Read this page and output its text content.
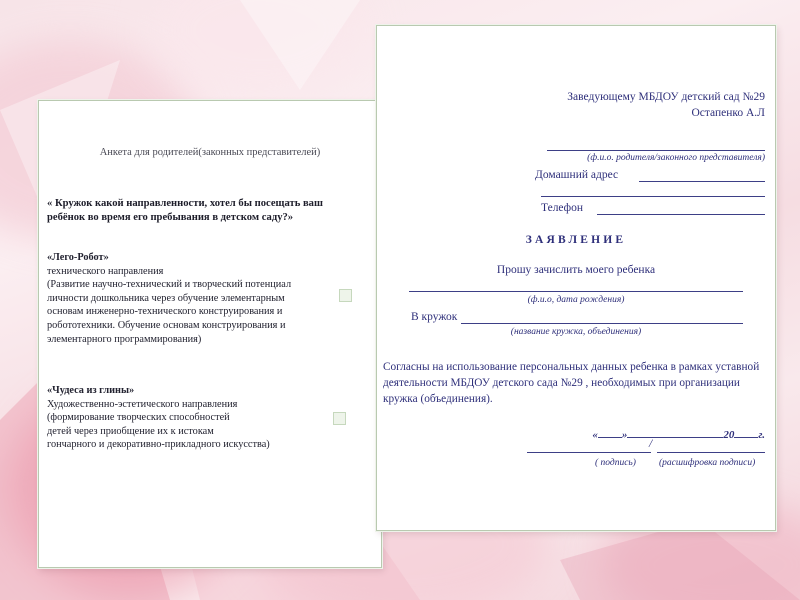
Анкета для родителей(законных представителей)
« Кружок какой направленности, хотел бы посещать ваш ребёнок во время его пребывания в детском саду?»
«Лего-Робот»
технического направления
(Развитие научно-технический и творческий потенциал
личности дошкольника через обучение элементарным
основам инженерно-технического конструирования и
робототехники. Обучение основам конструирования и
элементарного программирования)
«Чудеса из глины»
Художественно-эстетического направления
(формирование творческих способностей
детей через приобщение их к истокам
гончарного и декоративно-прикладного искусства)
Заведующему МБДОУ детский сад №29
Остапенко А.Л
(ф.и.о. родителя/законного представителя)
Домашний адрес
Телефон
ЗАЯВЛЕНИЕ
Прошу зачислить моего ребенка
(ф.и.о, дата рождения)
В кружок
(название кружка, объединения)
Согласны на использование персональных данных ребенка в рамках уставной деятельности МБДОУ детского сада №29 , необходимых при организации кружка (объединения).
« »	20 г.
/
( подпись) (расшифровка подписи)
